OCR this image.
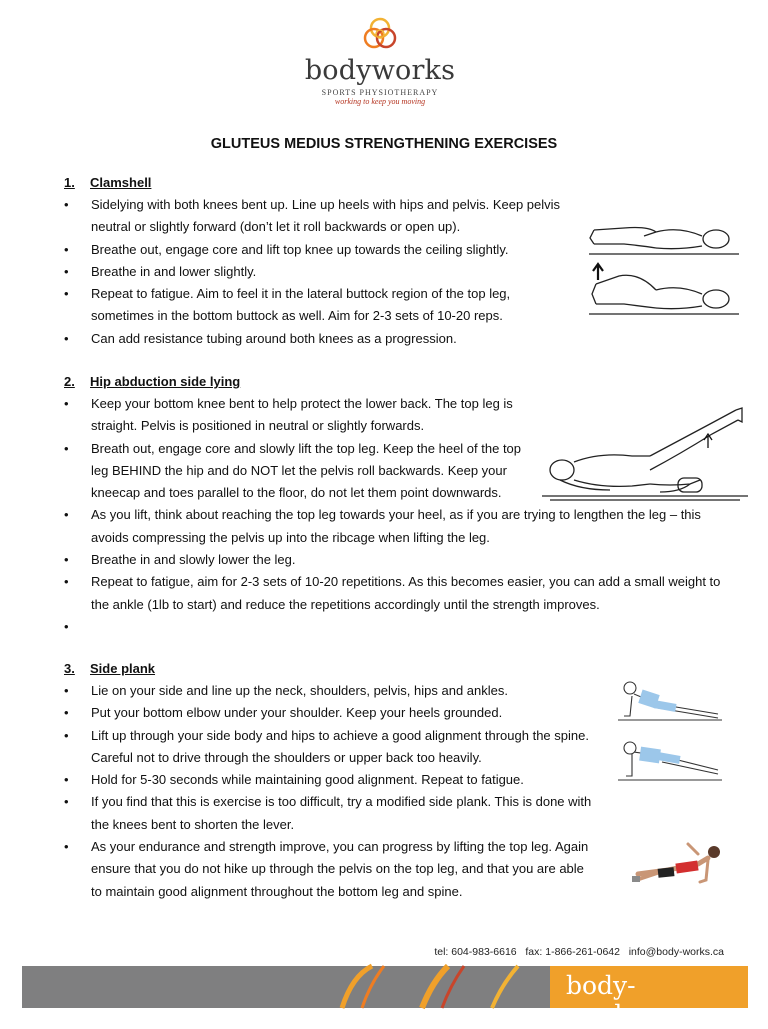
bodyworks
SPORTS PHYSIOTHERAPY
working to keep you moving
GLUTEUS MEDIUS STRENGTHENING EXERCISES
1. Clamshell
• Sidelying with both knees bent up. Line up heels with hips and pelvis. Keep pelvis neutral or slightly forward (don’t let it roll backwards or open up).
• Breathe out, engage core and lift top knee up towards the ceiling slightly.
• Breathe in and lower slightly.
• Repeat to fatigue. Aim to feel it in the lateral buttock region of the top leg, sometimes in the bottom buttock as well. Aim for 2-3 sets of 10-20 reps.
• Can add resistance tubing around both knees as a progression.
2. Hip abduction side lying
• Keep your bottom knee bent to help protect the lower back. The top leg is straight. Pelvis is positioned in neutral or slightly forwards.
• Breath out, engage core and slowly lift the top leg. Keep the heel of the top leg BEHIND the hip and do NOT let the pelvis roll backwards. Keep your kneecap and toes parallel to the floor, do not let them point downwards.
• As you lift, think about reaching the top leg towards your heel, as if you are trying to lengthen the leg – this avoids compressing the pelvis up into the ribcage when lifting the leg.
• Breathe in and slowly lower the leg.
• Repeat to fatigue, aim for 2-3 sets of 10-20 repetitions. As this becomes easier, you can add a small weight to the ankle (1lb to start) and reduce the repetitions accordingly until the strength improves.
•
3. Side plank
• Lie on your side and line up the neck, shoulders, pelvis, hips and ankles.
• Put your bottom elbow under your shoulder. Keep your heels grounded.
• Lift up through your side body and hips to achieve a good alignment through the spine. Careful not to drive through the shoulders or upper back too heavily.
• Hold for 5-30 seconds while maintaining good alignment. Repeat to fatigue.
• If you find that this is exercise is too difficult, try a modified side plank. This is done with the knees bent to shorten the lever.
• As your endurance and strength improve, you can progress by lifting the top leg. Again ensure that you do not hike up through the pelvis on the top leg, and that you are able to maintain good alignment throughout the bottom leg and spine.
tel: 604-983-6616   fax: 1-866-261-0642   info@body-works.ca
body-works.ca
